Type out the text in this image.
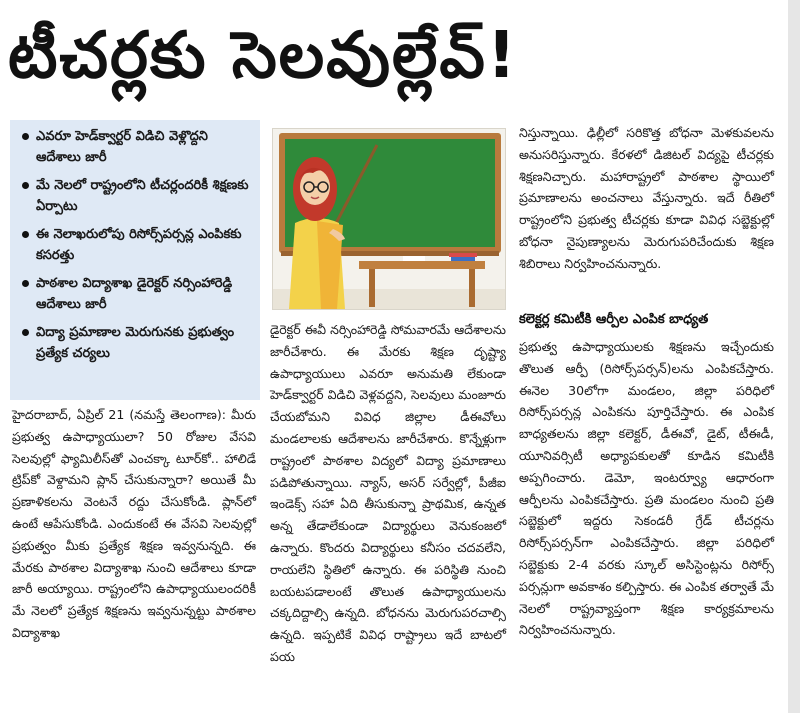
టీచర్లకు సెలవుల్లేవ్‌!
ఎవరూ హెడ్‌క్వార్టర్‌ విడిచి వెళ్లొద్దని ఆదేశాలు జారీ
మే నెలలో రాష్ట్రంలోని టీచర్లందరికీ శిక్షణకు ఏర్పాటు
ఈ నెలాఖరులోపు రిసోర్స్‌పర్సన్ల ఎంపికకు కసరత్తు
పాఠశాల విద్యాశాఖ డైరెక్టర్‌ నర్సింహారెడ్డి ఆదేశాలు జారీ
విద్యా ప్రమాణాల మెరుగునకు ప్రభుత్వం ప్రత్యేక చర్యలు
హైదరాబాద్‌, ఏప్రిల్‌ 21 (నమస్తే తెలంగాణ): మీరు ప్రభుత్వ ఉపాధ్యాయులా? 50 రోజుల వేసవి సెలవుల్లో ఫ్యామిలీస్‌తో ఎంచక్కా టూర్‌కో.. హాలిడే ట్రిప్‌కో వెళ్దామని ప్లాన్‌ చేసుకున్నారా? అయితే మీ ప్రణాళికలను వెంటనే రద్దు చేసుకోండి. ప్లాన్‌లో ఉంటే ఆపేసుకోండి. ఎందుకంటే ఈ వేసవి సెలవుల్లో ప్రభుత్వం మీకు ప్రత్యేక శిక్షణ ఇవ్వనున్నది. ఈ మేరకు పాఠశాల విద్యాశాఖ నుంచి ఆదేశాలు కూడా జారీ అయ్యాయి. రాష్ట్రంలోని ఉపాధ్యాయులందరికీ మే నెలలో ప్రత్యేక శిక్షణను ఇవ్వనున్నట్టు పాఠశాల విద్యాశాఖ
డైరెక్టర్‌ ఈవీ నర్సింహారెడ్డి సోమవారమే ఆదేశాలను జారీచేశారు. ఈ మేరకు శిక్షణ దృష్ట్యా ఉపాధ్యాయులు ఎవరూ అనుమతి లేకుండా హెడ్‌క్వార్టర్‌ విడిచి వెళ్లవద్దని, సెలవులు మంజూరు చేయబోమని వివిధ జిల్లాల డీఈవోలు మండలాలకు ఆదేశాలను జారీచేశారు. కొన్నేళ్లుగా రాష్ట్రంలో పాఠశాల విద్యలో విద్యా ప్రమాణాలు పడిపోతున్నాయి. న్యాస్‌, అసర్‌ సర్వేల్లో, పీజీఐ ఇండెక్స్‌ సహా ఏది తీసుకున్నా ప్రాథమిక, ఉన్నత అన్న తేడాలేకుండా విద్యార్థులు వెనుకంజలో ఉన్నారు. కొందరు విద్యార్థులు కనీసం చదవలేని, రాయలేని స్థితిలో ఉన్నారు. ఈ పరిస్థితి నుంచి బయటపడాలంటే తొలుత ఉపాధ్యాయులను చక్కదిద్దాల్సి ఉన్నది. బోధనను మెరుగుపరచాల్సి ఉన్నది. ఇప్పటికే వివిధ రాష్ట్రాలు ఇదే బాటలో పయ
నిస్తున్నాయి. ఢిల్లీలో సరికొత్త బోధనా మెళకువలను అనుసరిస్తున్నారు. కేరళలో డిజిటల్‌ విద్యపై టీచర్లకు శిక్షణనిచ్చారు. మహారాష్ట్రలో పాఠశాల స్థాయిలో ప్రమాణాలను అంచనాలు వేస్తున్నారు. ఇదే రీతిలో రాష్ట్రంలోని ప్రభుత్వ టీచర్లకు కూడా వివిధ సబ్జెక్టుల్లో బోధనా నైపుణ్యాలను మెరుగుపరిచేందుకు శిక్షణ శిబిరాలు నిర్వహించనున్నారు.
కలెక్టర్ల కమిటీకి ఆర్పీల ఎంపిక బాధ్యత
ప్రభుత్వ ఉపాధ్యాయులకు శిక్షణను ఇచ్చేందుకు తొలుత ఆర్పీ (రిసోర్స్‌పర్సన్‌)లను ఎంపికచేస్తారు. ఈనెల 30లోగా మండలం, జిల్లా పరిధిలో రిసోర్స్‌పర్సన్ల ఎంపికను పూర్తిచేస్తారు. ఈ ఎంపిక బాధ్యతలను జిల్లా కలెక్టర్‌, డీఈవో, డైట్‌, టీఈడీ, యూనివర్సిటీ అధ్యాపకులతో కూడిన కమిటీకి అప్పగించారు. డెమో, ఇంటర్వ్యూ ఆధారంగా ఆర్పీలను ఎంపికచేస్తారు. ప్రతి మండలం నుంచి ప్రతి సబ్జెక్టులో ఇద్దరు సెకండరీ గ్రేడ్‌ టీచర్లను రిసోర్స్‌పర్సన్‌గా ఎంపికచేస్తారు. జిల్లా పరిధిలో సబ్జెక్టుకు 2-4 వరకు స్కూల్‌ అసిస్టెంట్లను రిసోర్స్‌ పర్సన్లుగా అవకాశం కల్పిస్తారు. ఈ ఎంపిక తర్వాతే మే నెలలో రాష్ట్రవ్యాప్తంగా శిక్షణ కార్యక్రమాలను నిర్వహించనున్నారు.
